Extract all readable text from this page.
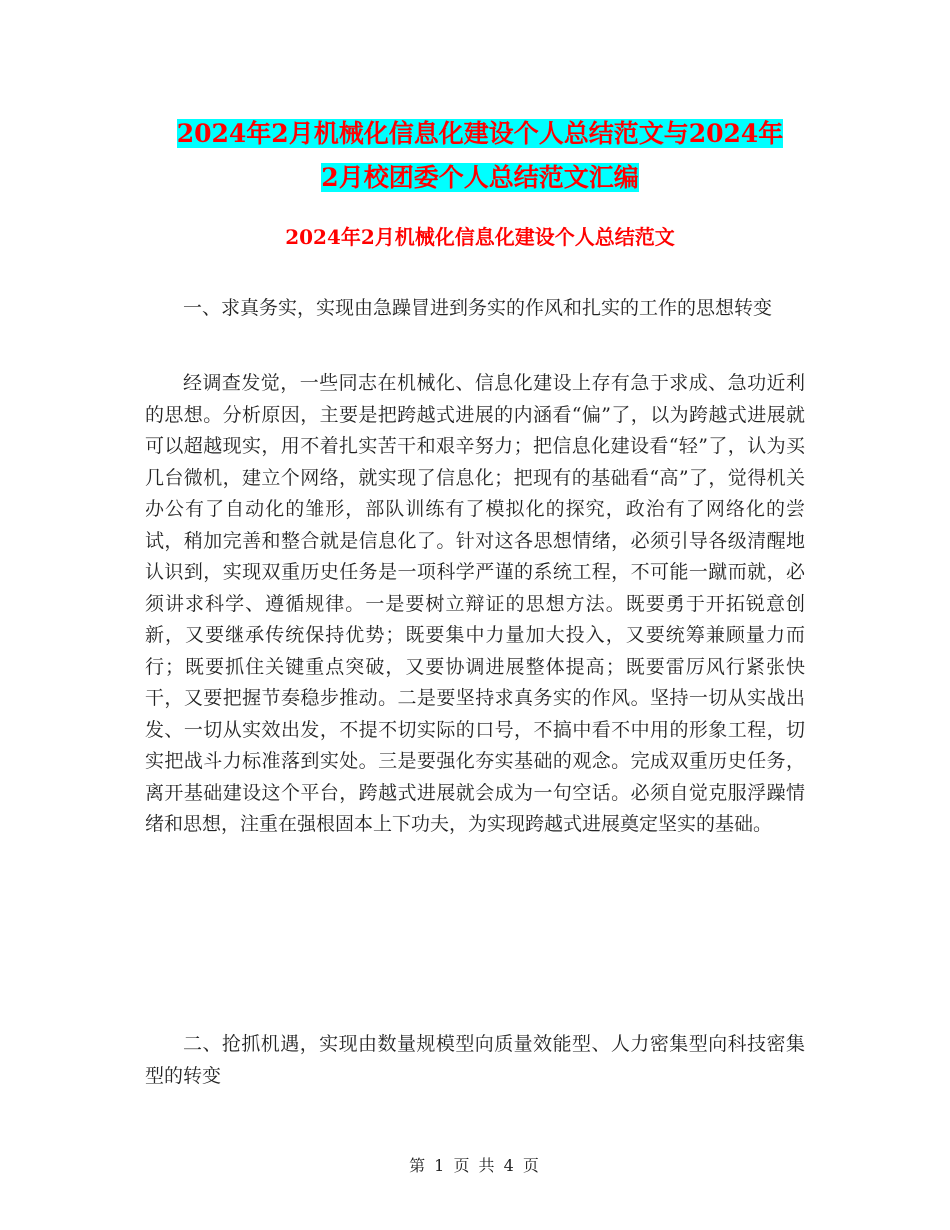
2024年2月机械化信息化建设个人总结范文与2024年
2月校团委个人总结范文汇编
2024年2月机械化信息化建设个人总结范文

一、求真务实，实现由急躁冒进到务实的作风和扎实的工作的思想转变

经调查发觉，一些同志在机械化、信息化建设上存有急于求成、急功近利的思想。分析原因，主要是把跨越式进展的内涵看“偏”了，以为跨越式进展就可以超越现实，用不着扎实苦干和艰辛努力；把信息化建设看“轻”了，认为买几台微机，建立个网络，就实现了信息化；把现有的基础看“高”了，觉得机关办公有了自动化的雏形，部队训练有了模拟化的探究，政治有了网络化的尝试，稍加完善和整合就是信息化了。针对这各思想情绪，必须引导各级清醒地认识到，实现双重历史任务是一项科学严谨的系统工程，不可能一蹴而就，必须讲求科学、遵循规律。一是要树立辩证的思想方法。既要勇于开拓锐意创新，又要继承传统保持优势；既要集中力量加大投入，又要统筹兼顾量力而行；既要抓住关键重点突破，又要协调进展整体提高；既要雷厉风行紧张快干，又要把握节奏稳步推动。二是要坚持求真务实的作风。坚持一切从实战出发、一切从实效出发，不提不切实际的口号，不搞中看不中用的形象工程，切实把战斗力标准落到实处。三是要强化夯实基础的观念。完成双重历史任务，离开基础建设这个平台，跨越式进展就会成为一句空话。必须自觉克服浮躁情绪和思想，注重在强根固本上下功夫，为实现跨越式进展奠定坚实的基础。

二、抢抓机遇，实现由数量规模型向质量效能型、人力密集型向科技密集型的转变

第 1 页 共 4 页
